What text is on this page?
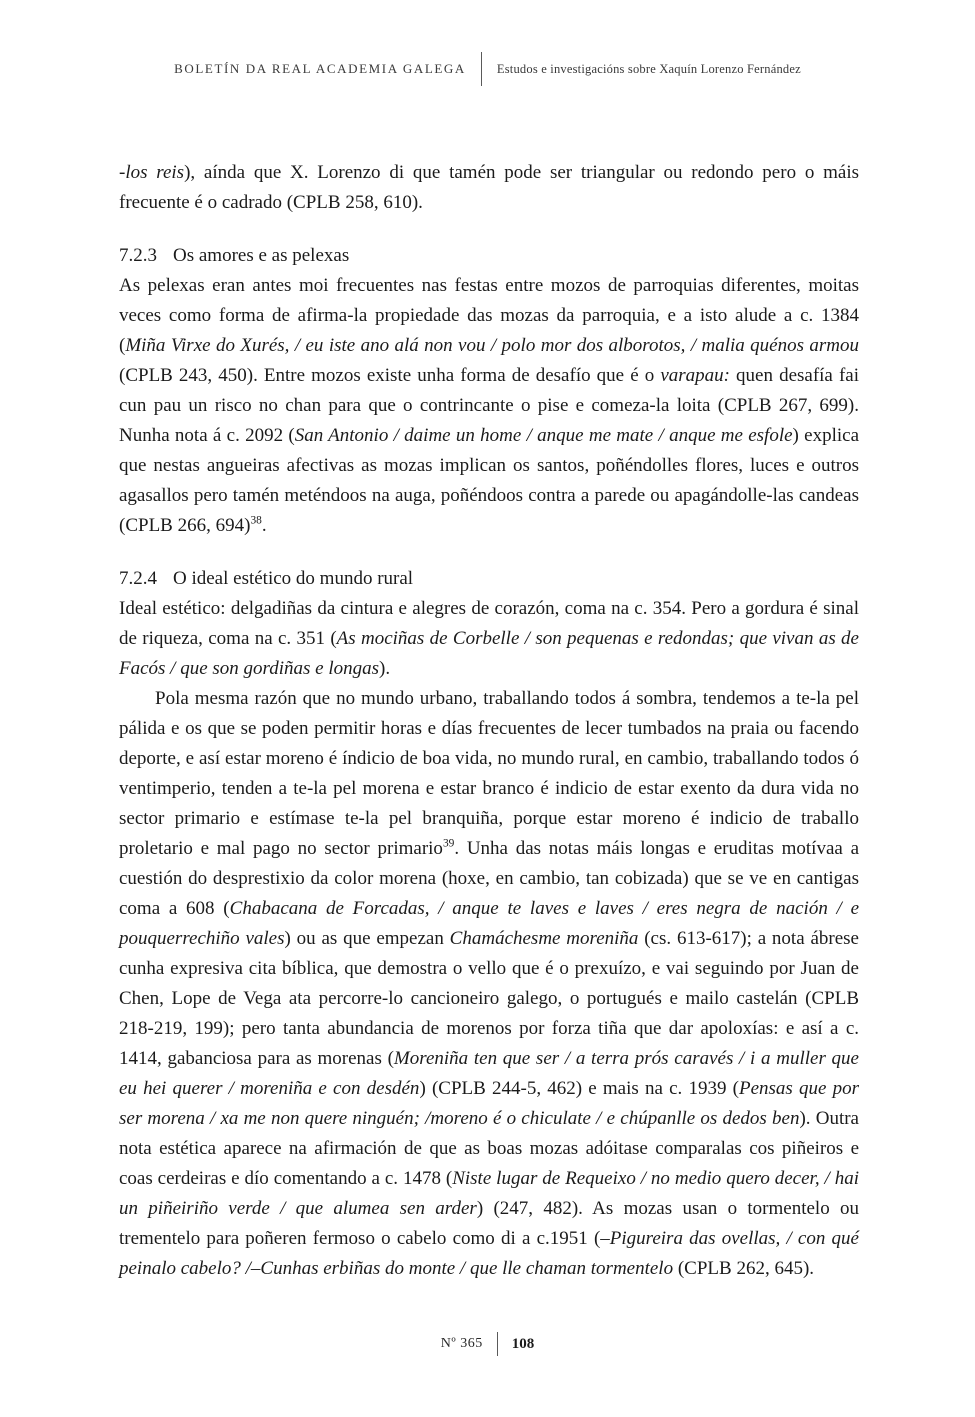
BOLETÍN DA REAL ACADEMIA GALEGA Estudos e investigacións sobre Xaquín Lorenzo Fernández

-los reis), aínda que X. Lorenzo di que tamén pode ser triangular ou redondo pero o máis frecuente é o cadrado (CPLB 258, 610).

7.2.3 Os amores e as pelexas

As pelexas eran antes moi frecuentes nas festas entre mozos de parroquias diferentes, moitas veces como forma de afirma-la propiedade das mozas da parroquia, e a isto alude a c. 1384 (Miña Virxe do Xurés, / eu iste ano alá non vou / polo mor dos alborotos, / malia quénos armou (CPLB 243, 450). Entre mozos existe unha forma de desafío que é o varapau: quen desafía fai cun pau un risco no chan para que o contrincante o pise e comeza-la loita (CPLB 267, 699). Nunha nota á c. 2092 (San Antonio / daime un home / anque me mate / anque me esfole) explica que nestas angueiras afectivas as mozas implican os santos, poñéndolles flores, luces e outros agasallos pero tamén meténdoos na auga, poñéndoos contra a parede ou apagándolle-las candeas (CPLB 266, 694)$^{38}$.

7.2.4 O ideal estético do mundo rural

Ideal estético: delgadiñas da cintura e alegres de corazón, coma na c. 354. Pero a gordura é sinal de riqueza, coma na c. 351 (As mociñas de Corbelle / son pequenas e redondas; que vivan as de Facós / que son gordiñas e longas).

Pola mesma razón que no mundo urbano, traballando todos á sombra, tendemos a te-la pel pálida e os que se poden permitir horas e días frecuentes de lecer tumbados na praia ou facendo deporte, e así estar moreno é índicio de boa vida, no mundo rural, en cambio, traballando todos ó ventimperio, tenden a te-la pel morena e estar branco é indicio de estar exento da dura vida no sector primario e estímase te-la pel branquiña, porque estar moreno é indicio de traballo proletario e mal pago no sector primario$^{39}$. Unha das notas máis longas e eruditas motívaa a cuestión do desprestixio da color morena (hoxe, en cambio, tan cobizada) que se ve en cantigas coma a 608 (Chabacana de Forcadas, / anque te laves e laves / eres negra de nación / e pouquerrechiño vales) ou as que empezan Chamáchesme moreniña (cs. 613-617); a nota ábrese cunha expresiva cita bíblica, que demostra o vello que é o prexuízo, e vai seguindo por Juan de Chen, Lope de Vega ata percorre-lo cancioneiro galego, o portugués e mailo castelán (CPLB 218-219, 199); pero tanta abundancia de morenos por forza tiña que dar apoloxías: e así a c. 1414, gabanciosa para as morenas (Moreniña ten que ser / a terra prós caravés / i a muller que eu hei querer / moreniña e con desdén) (CPLB 244-5, 462) e mais na c. 1939 (Pensas que por ser morena / xa me non quere ninguén; /moreno é o chiculate / e chúpanlle os dedos ben). Outra nota estética aparece na afirmación de que as boas mozas adóitase comparalas cos piñeiros e coas cerdeiras e dío comentando a c. 1478 (Niste lugar de Requeixo / no medio quero decer, / hai un piñeiriño verde / que alumea sen arder) (247, 482). As mozas usan o tormentelo ou trementelo para poñeren fermoso o cabelo como di a c.1951 (–Pigureira das ovellas, / con qué peinalo cabelo? /–Cunhas erbiñas do monte / que lle chaman tormentelo (CPLB 262, 645).

Nº 365 108
